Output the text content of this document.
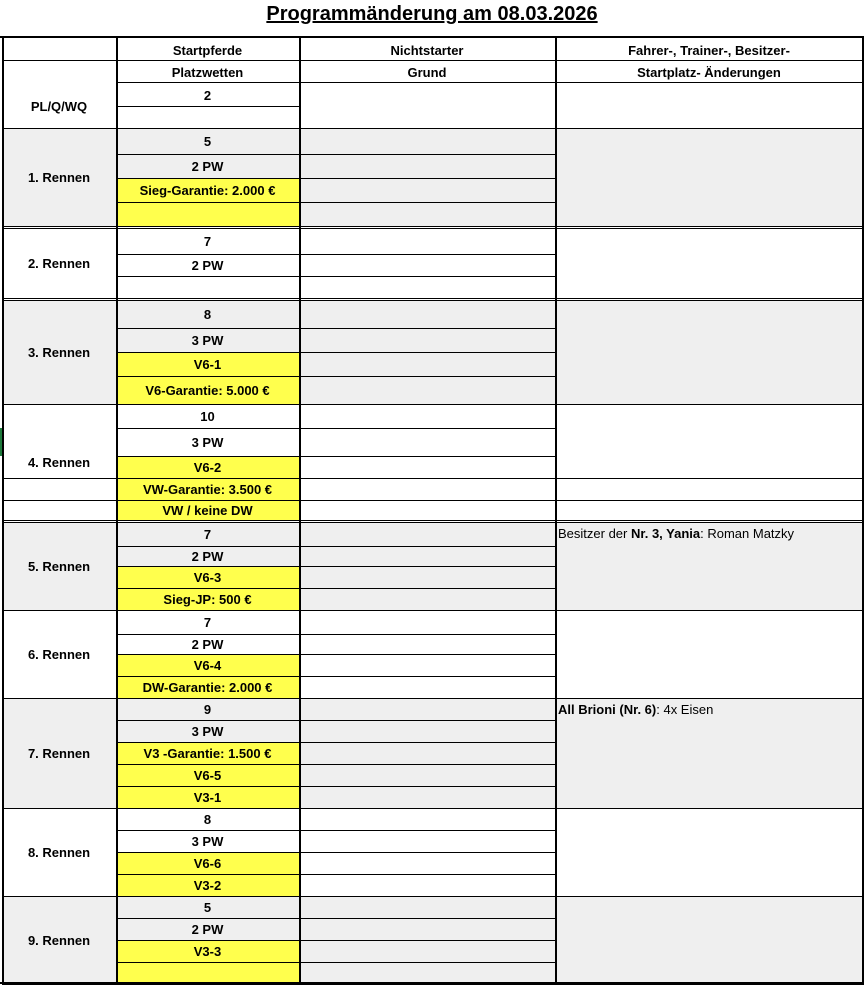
Programmänderung am 08.03.2026
Startpferde
Platzwetten
Nichtstarter
Grund
Fahrer-, Trainer-, Besitzer-
Startplatz- Änderungen
PL/Q/WQ
2
1. Rennen
5
2 PW
Sieg-Garantie: 2.000 €
2. Rennen
7
2 PW
3. Rennen
8
3 PW
V6-1
V6-Garantie: 5.000 €
4. Rennen
10
3 PW
V6-2
VW-Garantie: 3.500 €
VW / keine DW
5. Rennen
Besitzer der Nr. 3, Yania: Roman Matzky
7
2 PW
V6-3
Sieg-JP: 500 €
6. Rennen
7
2 PW
V6-4
DW-Garantie: 2.000 €
7. Rennen
All Brioni (Nr. 6): 4x Eisen
9
3 PW
V3 -Garantie: 1.500 €
V6-5
V3-1
8. Rennen
8
3 PW
V6-6
V3-2
9. Rennen
5
2 PW
V3-3
